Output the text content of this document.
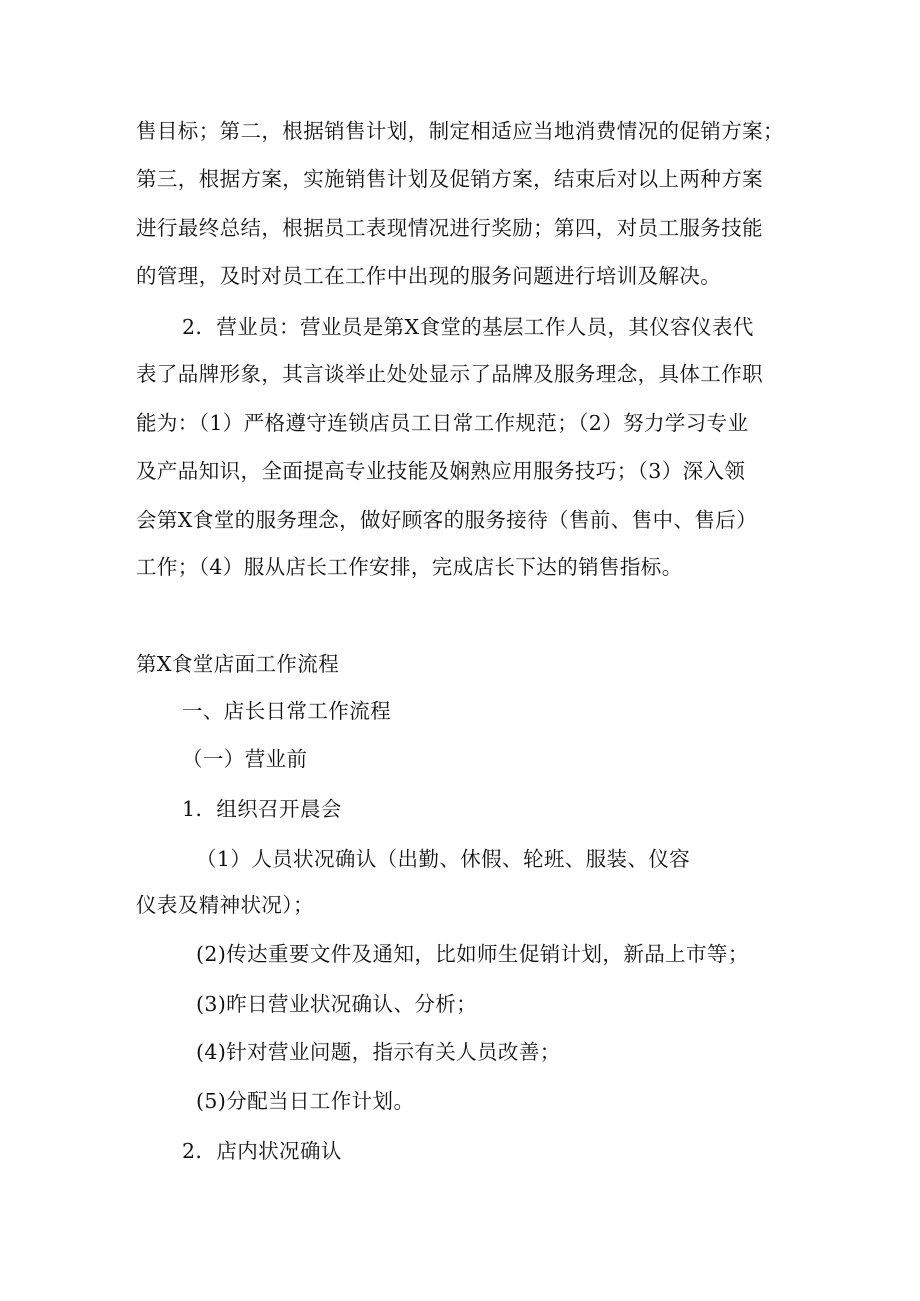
售目标；第二，根据销售计划，制定相适应当地消费情况的促销方案；
第三，根据方案，实施销售计划及促销方案，结束后对以上两种方案
进行最终总结，根据员工表现情况进行奖励；第四，对员工服务技能
的管理，及时对员工在工作中出现的服务问题进行培训及解决。
2．营业员：营业员是第X食堂的基层工作人员，其仪容仪表代
表了品牌形象，其言谈举止处处显示了品牌及服务理念，具体工作职
能为：（1）严格遵守连锁店员工日常工作规范；（2）努力学习专业
及产品知识，全面提高专业技能及娴熟应用服务技巧；（3）深入领
会第X食堂的服务理念，做好顾客的服务接待（售前、售中、售后）
工作；（4）服从店长工作安排，完成店长下达的销售指标。
第X食堂店面工作流程
一、店长日常工作流程
（一）营业前
1．组织召开晨会
（1）人员状况确认（出勤、休假、轮班、服装、仪容
仪表及精神状况）；
(2)传达重要文件及通知，比如师生促销计划，新品上市等；
(3)昨日营业状况确认、分析；
(4)针对营业问题，指示有关人员改善；
(5)分配当日工作计划。
2．店内状况确认
